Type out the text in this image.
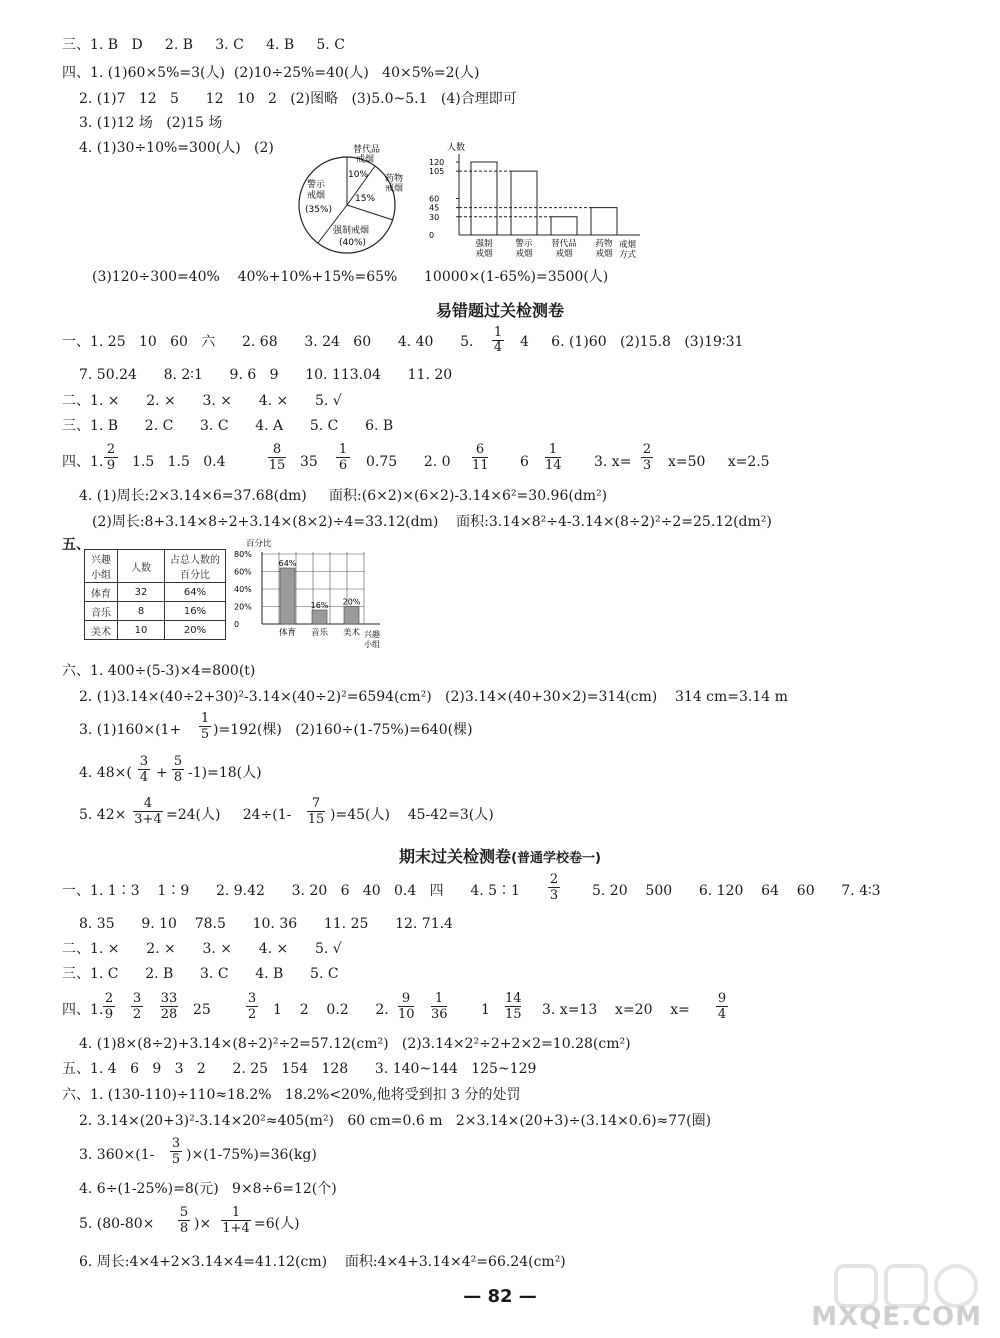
三、1. B   D     2. B     3. C     4. B     5. C
四、1. (1)60×5%=3(人)  (2)10÷25%=40(人)   40×5%=2(人)
2. (1)7   12   5      12   10   2   (2)图略   (3)5.0~5.1   (4)合理即可
3. (1)12 场   (2)15 场
4. (1)30÷10%=300(人)   (2)	替代品
戒烟
10% 药物
戒烟
15%
警示
戒烟
(35%)
强制戒烟
(40%)
人数
120
105
60
45
30
0
强制
戒烟
警示
戒烟
替代品
戒烟
药物
戒烟
戒烟
方式
(3)120÷300=40%    40%+10%+15%=65%      10000×(1-65%)=3500(人)
易错题过关检测卷
一、1. 25   10   60   六      2. 68      3. 24   60      4. 40      5.
1
4 4     6. (1)60   (2)15.8   (3)19∶31
7. 50.24      8. 2∶1      9. 6   9      10. 113.04      11. 20
二、1. ×      2. ×      3. ×      4. ×      5. √
三、1. B      2. C      3. C      4. A      5. C      6. B
四、1.
2
9 1.5   1.5   0.4
8
15 35
1
6 0.75      2. 0
6
11 6
1
14 3. x=
2
3 x=50     x=2.5
4. (1)周长:2×3.14×6=37.68(dm)     面积:(6×2)×(6×2)-3.14×6²=30.96(dm²)
(2)周长:8+3.14×8÷2+3.14×(8×2)÷4=33.12(dm)    面积:3.14×8²÷4-3.14×(8÷2)²÷2=25.12(dm²)
五、
兴趣小组	人数	占总人数的百分比
体育	32	64%
音乐	8	16%
美术	10	20%
百分比
80%
60%
40%
20%
0
64%
16% 20%
体育 音乐 美术 兴趣
小组
六、1. 400÷(5-3)×4=800(t)
2. (1)3.14×(40÷2+30)²-3.14×(40÷2)²=6594(cm²)   (2)3.14×(40+30×2)=314(cm)    314 cm=3.14 m
3. (1)160×(1+
1
5 )=192(棵)   (2)160÷(1-75%)=640(棵)
4. 48×(
3
4 +
5
8 -1)=18(人)
5. 42×
4
3+4 =24(人)     24÷(1-
7
15 )=45(人)    45-42=3(人)
期末过关检测卷(普通学校卷一)
一、1. 1∶3    1∶9      2. 9.42      3. 20   6   40   0.4   四      4. 5∶1
2
3 5. 20    500      6. 120    64    60      7. 4∶3
8. 35      9. 10    78.5      10. 36      11. 25      12. 71.4
二、1. ×      2. ×      3. ×      4. ×      5. √
三、1. C      2. B      3. C      4. B      5. C
四、1.
2
9
3
2
33
28 25
3
2 1    2    0.2      2.
9
10
1
36 1
14
15 3. x=13    x=20    x=
9
4
4. (1)8×(8÷2)+3.14×(8÷2)²÷2=57.12(cm²)   (2)3.14×2²÷2+2×2=10.28(cm²)
五、1. 4   6   9   3   2      2. 25   154   128      3. 140~144   125~129
六、1. (130-110)÷110≈18.2%   18.2%<20%,他将受到扣 3 分的处罚
2. 3.14×(20+3)²-3.14×20²≈405(m²)   60 cm=0.6 m   2×3.14×(20+3)÷(3.14×0.6)≈77(圈)
3. 360×(1-
3
5 )×(1-75%)=36(kg)
4. 6÷(1-25%)=8(元)   9×8÷6=12(个)
5. (80-80×
5
8 )×
1
1+4 =6(人)
6. 周长:4×4+2×3.14×4=41.12(cm)    面积:4×4+3.14×4²=66.24(cm²)
— 82 —
MXQE.COM
